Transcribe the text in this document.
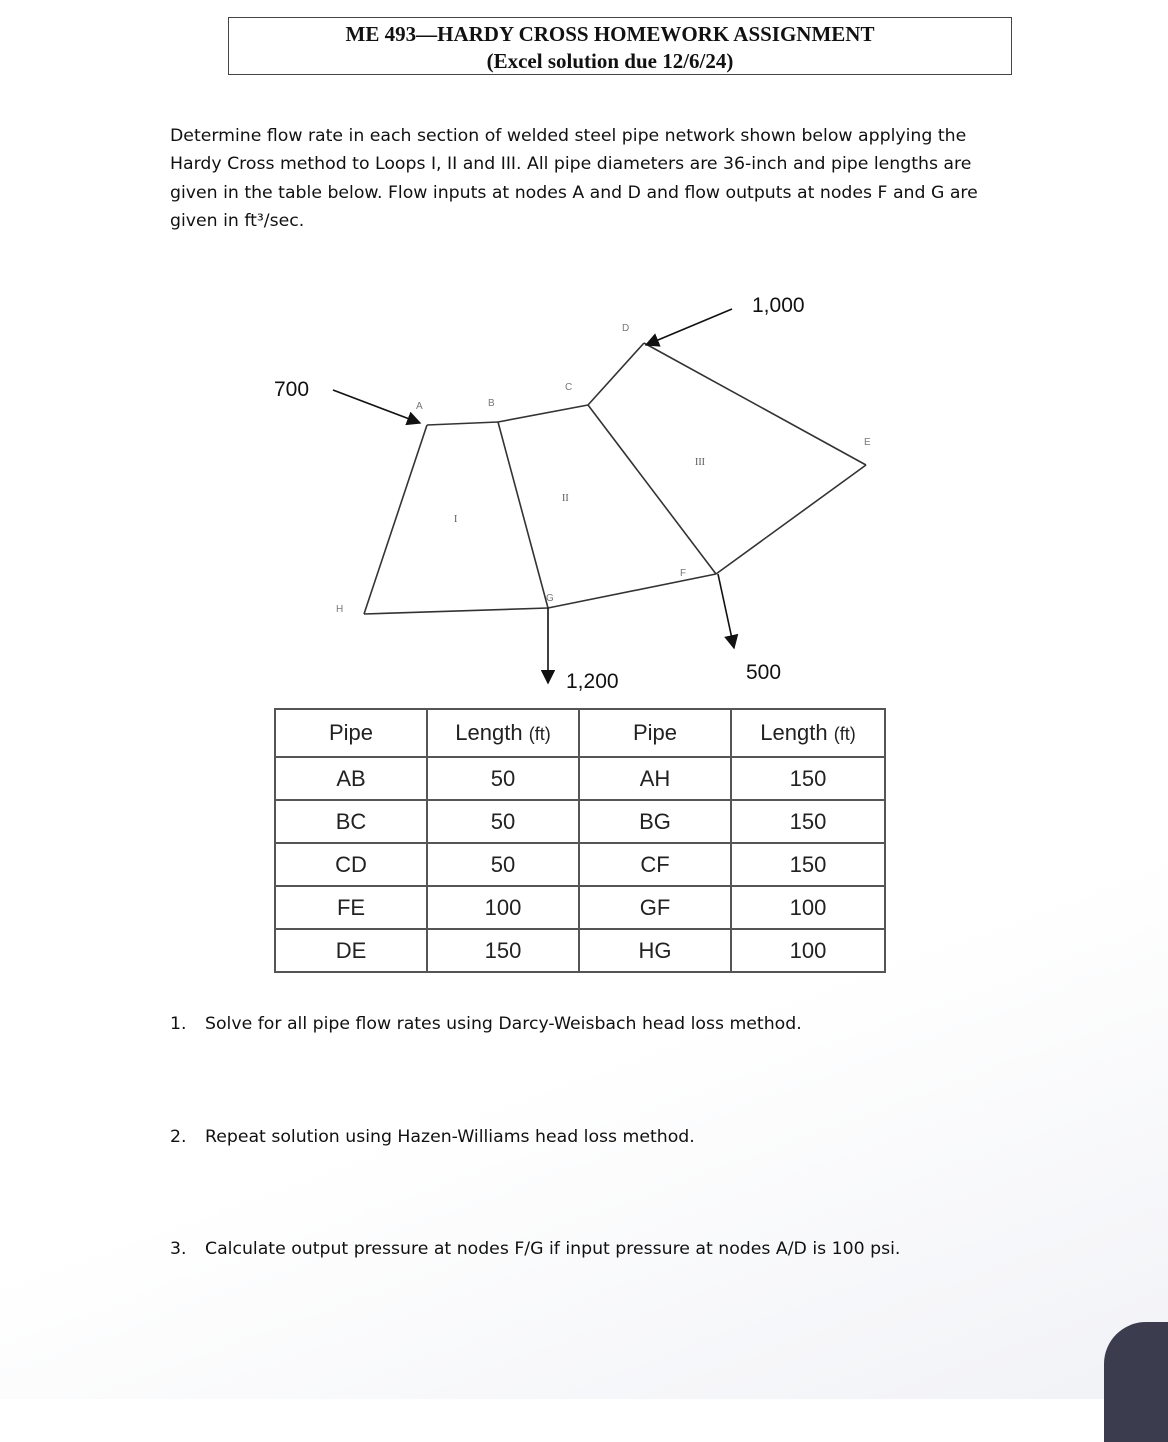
ME 493—HARDY CROSS HOMEWORK ASSIGNMENT
(Excel solution due 12/6/24)
Determine flow rate in each section of welded steel pipe network shown below applying the Hardy Cross method to Loops I, II and III. All pipe diameters are 36-inch and pipe lengths are given in the table below. Flow inputs at nodes A and D and flow outputs at nodes F and G are given in ft³/sec.
A	B
C
D
E
F
G
H
I
II
III
700
1,000
1,200	500
Pipe	Length (ft)	Pipe	Length (ft)
AB	50	AH	150
BC	50	BG	150
CD	50	CF	150
FE	100	GF	100
DE	150	HG	100
1. Solve for all pipe flow rates using Darcy-Weisbach head loss method.
2. Repeat solution using Hazen-Williams head loss method.
3. Calculate output pressure at nodes F/G if input pressure at nodes A/D is 100 psi.
